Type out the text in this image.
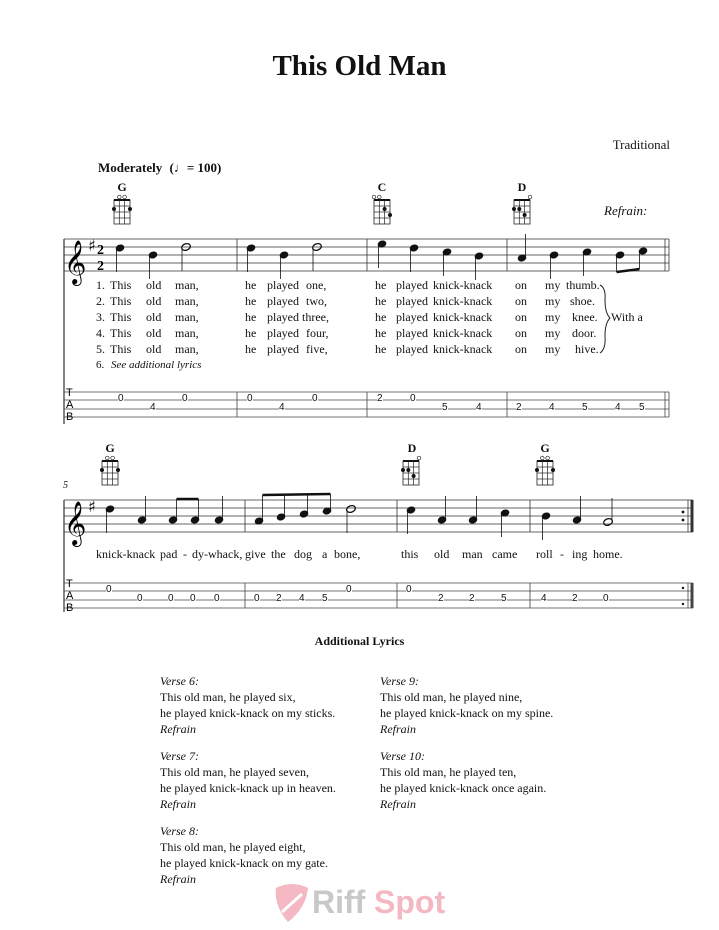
This Old Man
Traditional
Moderately (♩= 100)
Refrain:
G	C	D
G	D	G
5
𝄞 ♯ 2
2
T
A
B
𝄞 ♯
T
A
B
0
4
0	0
4
0	2	0
5	4	2	4	5	4 5
0
0	0 0 0	0 2 4 5
0	0
2	2	5	4	2	0
1. This old man,	he played one,	he played knick-knack on my thumb.
2. This old man,	he played two,	he played knick-knack on my shoe.
3. This old man,	he played three,	he played knick-knack on my knee.
4. This old man,	he played four,	he played knick-knack on my door.
5. This old man,	he played five,	he played knick-knack on my hive.
6. See additional lyrics
With a
knick-knack pad - dy- whack, give the dog a bone,	this old man came roll - ing home.
Additional Lyrics
Verse 6:
This old man, he played six,
he played knick-knack on my sticks.
Refrain
Verse 7:
This old man, he played seven,
he played knick-knack up in heaven.
Refrain
Verse 8:
This old man, he played eight,
he played knick-knack on my gate.
Refrain
Verse 9:
This old man, he played nine,
he played knick-knack on my spine.
Refrain
Verse 10:
This old man, he played ten,
he played knick-knack once again.
Refrain
Riff Spot
